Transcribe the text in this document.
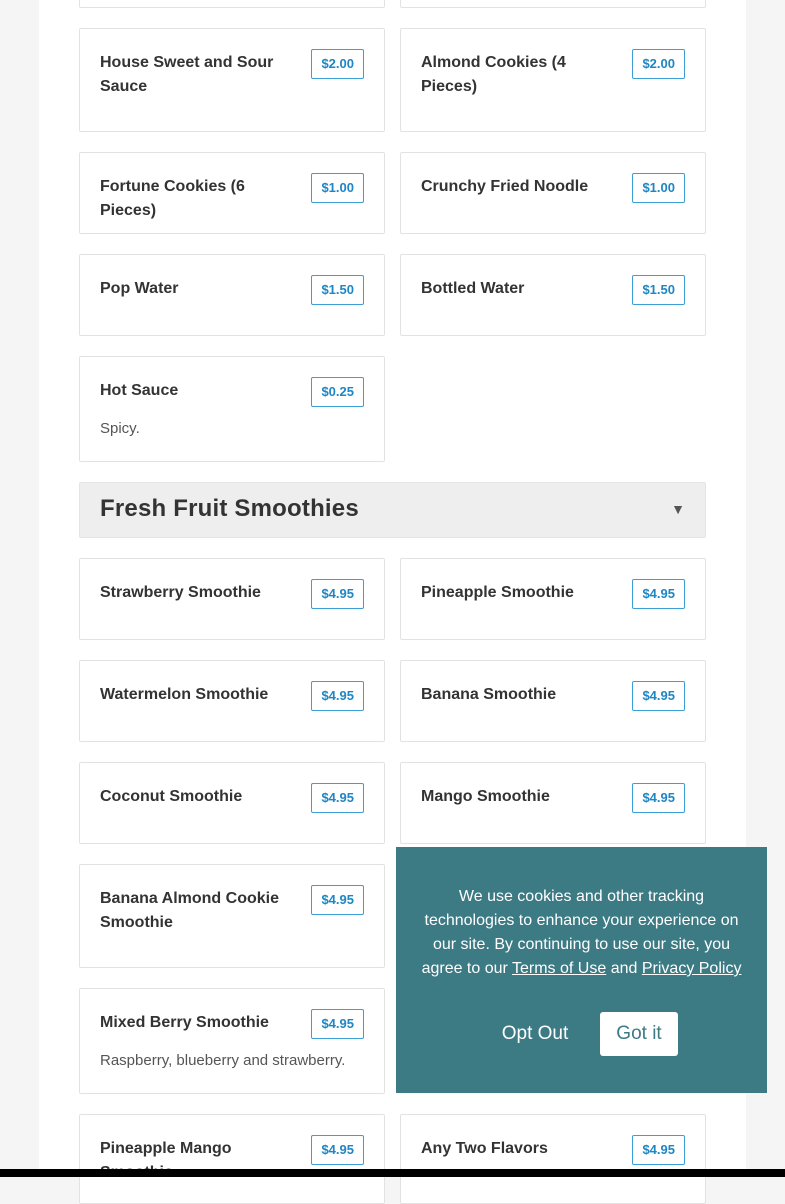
House Sweet and Sour Sauce
$2.00	Almond Cookies (4 Pieces)
$2.00
Fortune Cookies (6 Pieces)
$1.00	Crunchy Fried Noodle	$1.00
Pop Water	$1.50	Bottled Water	$1.50
Hot Sauce	$0.25
Spicy.
Fresh Fruit Smoothies	▼
Strawberry Smoothie	$4.95	Pineapple Smoothie	$4.95
Watermelon Smoothie	$4.95	Banana Smoothie	$4.95
Coconut Smoothie	$4.95	Mango Smoothie	$4.95
Banana Almond Cookie Smoothie
$4.95
Mixed Berry Smoothie	$4.95
Raspberry, blueberry and strawberry.
Pineapple Mango	$4.95	Any Two Flavors	$4.95
We use cookies and other tracking technologies to enhance your experience on our site. By continuing to use our site, you agree to our Terms of Use and Privacy Policy
Opt Out	Got it
